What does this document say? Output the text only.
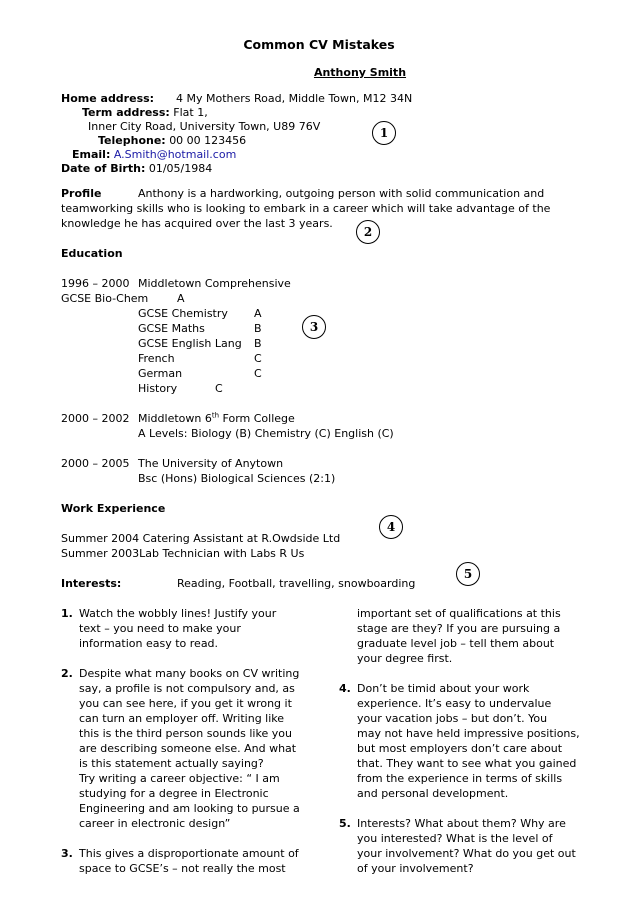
Common CV Mistakes
Anthony Smith
Home address: 4 My Mothers Road, Middle Town, M12 34N
Term address: Flat 1,
Inner City Road, University Town, U89 76V
Telephone: 00 00 123456
Email: A.Smith@hotmail.com
Date of Birth: 01/05/1984
Profile	Anthony is a hardworking, outgoing person with solid communication and
teamworking skills who is looking to embark in a career which will take advantage of the
knowledge he has acquired over the last 3 years.
Education
1996 – 2000 Middletown Comprehensive
GCSE Bio-Chem	A
GCSE Chemistry A
GCSE Maths	B
GCSE English Lang B
French	C
German	C
History	C
2000 – 2002 Middletown 6th Form College
A Levels: Biology (B) Chemistry (C) English (C)
2000 – 2005 The University of Anytown
Bsc (Hons) Biological Sciences (2:1)
Work Experience
Summer 2004 Catering Assistant at R.Owdside Ltd
Summer 2003Lab Technician with Labs R Us
Interests:	Reading, Football, travelling, snowboarding
1
2
3
4
5
1. Watch the wobbly lines! Justify your
text – you need to make your
information easy to read.
2. Despite what many books on CV writing
say, a profile is not compulsory and, as
you can see here, if you get it wrong it
can turn an employer off. Writing like
this is the third person sounds like you
are describing someone else. And what
is this statement actually saying?
Try writing a career objective: “ I am
studying for a degree in Electronic
Engineering and am looking to pursue a
career in electronic design”
3. This gives a disproportionate amount of
space to GCSE’s – not really the most
important set of qualifications at this
stage are they? If you are pursuing a
graduate level job – tell them about
your degree first.
4. Don’t be timid about your work
experience. It’s easy to undervalue
your vacation jobs – but don’t. You
may not have held impressive positions,
but most employers don’t care about
that. They want to see what you gained
from the experience in terms of skills
and personal development.
5. Interests? What about them? Why are
you interested? What is the level of
your involvement? What do you get out
of your involvement?
